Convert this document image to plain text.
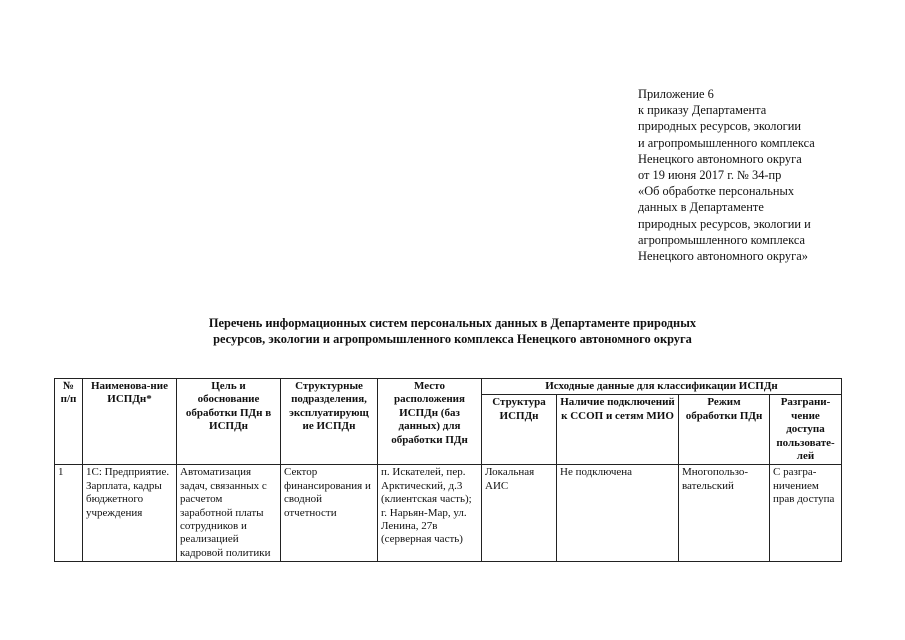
Приложение 6
к приказу Департамента
природных ресурсов, экологии
и агропромышленного комплекса
Ненецкого автономного округа
от 19 июня 2017 г. № 34-пр
«Об обработке персональных
данных в Департаменте
природных ресурсов, экологии и
агропромышленного комплекса
Ненецкого автономного округа»
Перечень информационных систем персональных данных в Департаменте природных
ресурсов, экологии и агропромышленного комплекса Ненецкого автономного округа
№ п/п	Наименова-ние ИСПДн*	Цель и обоснование обработки ПДн в ИСПДн	Структурные подразделения, эксплуатирующ ие ИСПДн	Место расположения ИСПДн (баз данных) для обработки ПДн	Исходные данные для классификации ИСПДн			
					Структура ИСПДн	Наличие подключений к ССОП и сетям МИО	Режим обработки ПДн	Разграни-чение доступа пользовате-лей
1	1С: Предприятие. Зарплата, кадры бюджетного учреждения	Автоматизация задач, связанных с расчетом заработной платы сотрудников и реализацией кадровой политики	Сектор финансирования и сводной отчетности	п. Искателей, пер. Арктический, д.3 (клиентская часть); г. Нарьян-Мар, ул. Ленина, 27в (серверная часть)	Локальная АИС	Не подключена	Многопользо-вательский	С разгра-ничением прав доступа
